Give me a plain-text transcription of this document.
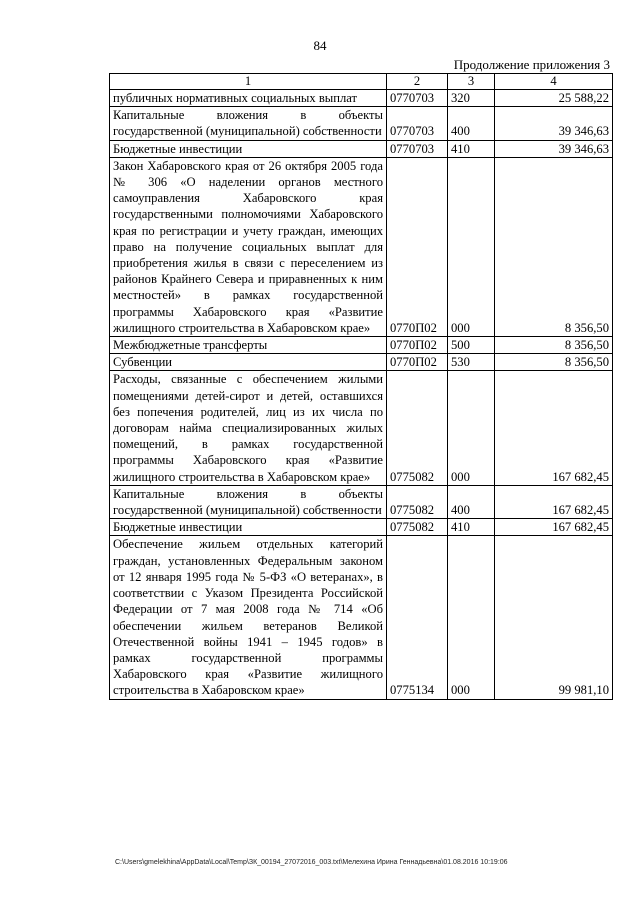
84
Продолжение приложения 3
1	2	3	4
публичных нормативных социальных выплат	0770703	320	25 588,22
Капитальные вложения в объекты государственной (муниципальной) собственности	0770703	400	39 346,63
Бюджетные инвестиции	0770703	410	39 346,63
Закон Хабаровского края от 26 октября 2005 года № 306 «О наделении органов местного самоуправления Хабаровского края государственными полномочиями Хабаровского края по регистрации и учету граждан, имеющих право на получение социальных выплат для приобретения жилья в связи с переселением из районов Крайнего Севера и приравненных к ним местностей» в рамках государственной программы Хабаровского края «Развитие жилищного строительства в Хабаровском крае»	0770П02	000	8 356,50
Межбюджетные трансферты	0770П02	500	8 356,50
Субвенции	0770П02	530	8 356,50
Расходы, связанные с обеспечением жилыми помещениями детей-сирот и детей, оставшихся без попечения родителей, лиц из их числа по договорам найма специализированных жилых помещений, в рамках государственной программы Хабаровского края «Развитие жилищного строительства в Хабаровском крае»	0775082	000	167 682,45
Капитальные вложения в объекты государственной (муниципальной) собственности	0775082	400	167 682,45
Бюджетные инвестиции	0775082	410	167 682,45
Обеспечение жильем отдельных категорий граждан, установленных Федеральным законом от 12 января 1995 года № 5-ФЗ «О ветеранах», в соответствии с Указом Президента Российской Федерации от 7 мая 2008 года № 714 «Об обеспечении жильем ветеранов Великой Отечественной войны 1941 – 1945 годов» в рамках государственной программы Хабаровского края «Развитие жилищного строительства в Хабаровском крае»	0775134	000	99 981,10
C:\Users\gmelekhina\AppData\Local\Temp\ЗК_00194_27072016_003.txt\Мелехина Ирина Геннадьевна\01.08.2016 10:19:06
